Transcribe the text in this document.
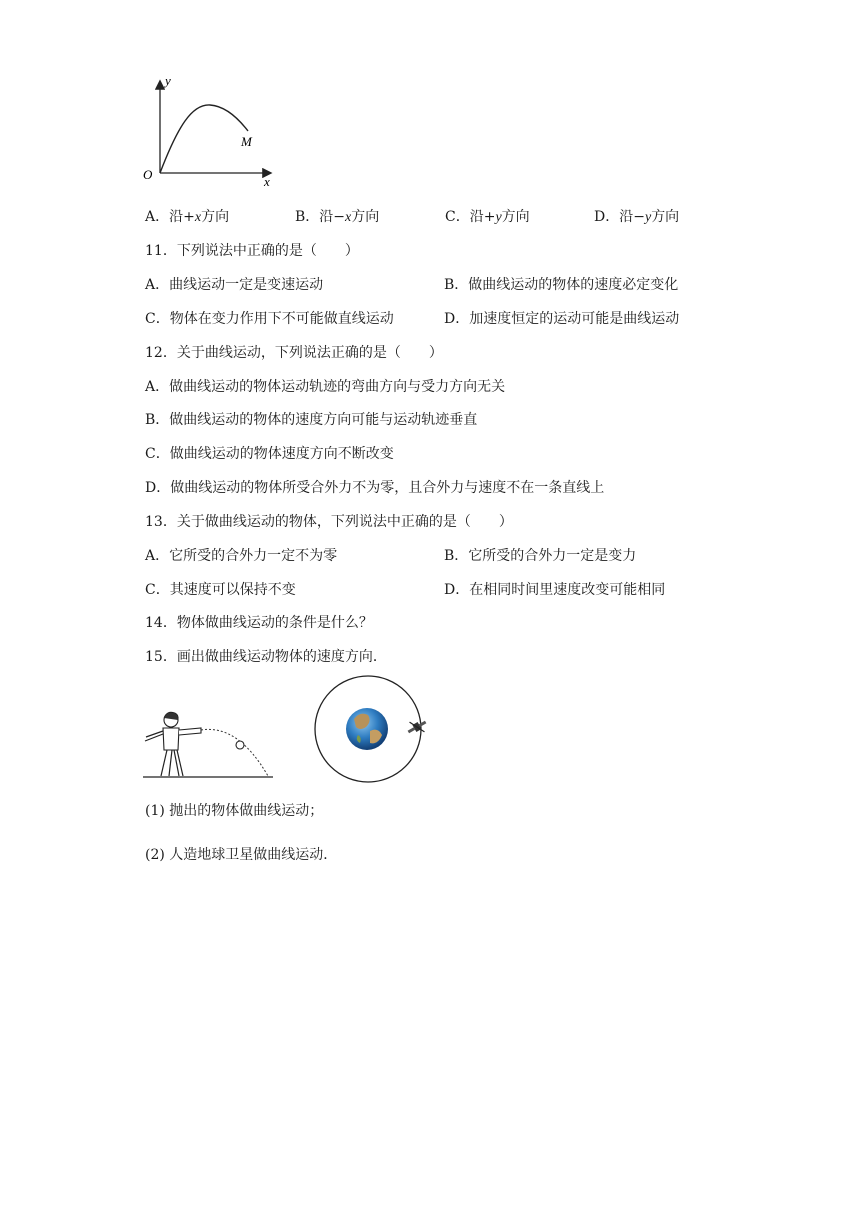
y
x
O
M
A．沿+x方向	B．沿−x方向	C．沿+y方向	D．沿−y方向
11．下列说法中正确的是（　　）
A．曲线运动一定是变速运动	B．做曲线运动的物体的速度必定变化
C．物体在变力作用下不可能做直线运动	D．加速度恒定的运动可能是曲线运动
12．关于曲线运动，下列说法正确的是（　　）
A．做曲线运动的物体运动轨迹的弯曲方向与受力方向无关
B．做曲线运动的物体的速度方向可能与运动轨迹垂直
C．做曲线运动的物体速度方向不断改变
D．做曲线运动的物体所受合外力不为零，且合外力与速度不在一条直线上
13．关于做曲线运动的物体，下列说法中正确的是（　　）
A．它所受的合外力一定不为零	B．它所受的合外力一定是变力
C．其速度可以保持不变	D．在相同时间里速度改变可能相同
14．物体做曲线运动的条件是什么？
15．画出做曲线运动物体的速度方向．
(1) 抛出的物体做曲线运动；
(2) 人造地球卫星做曲线运动．
